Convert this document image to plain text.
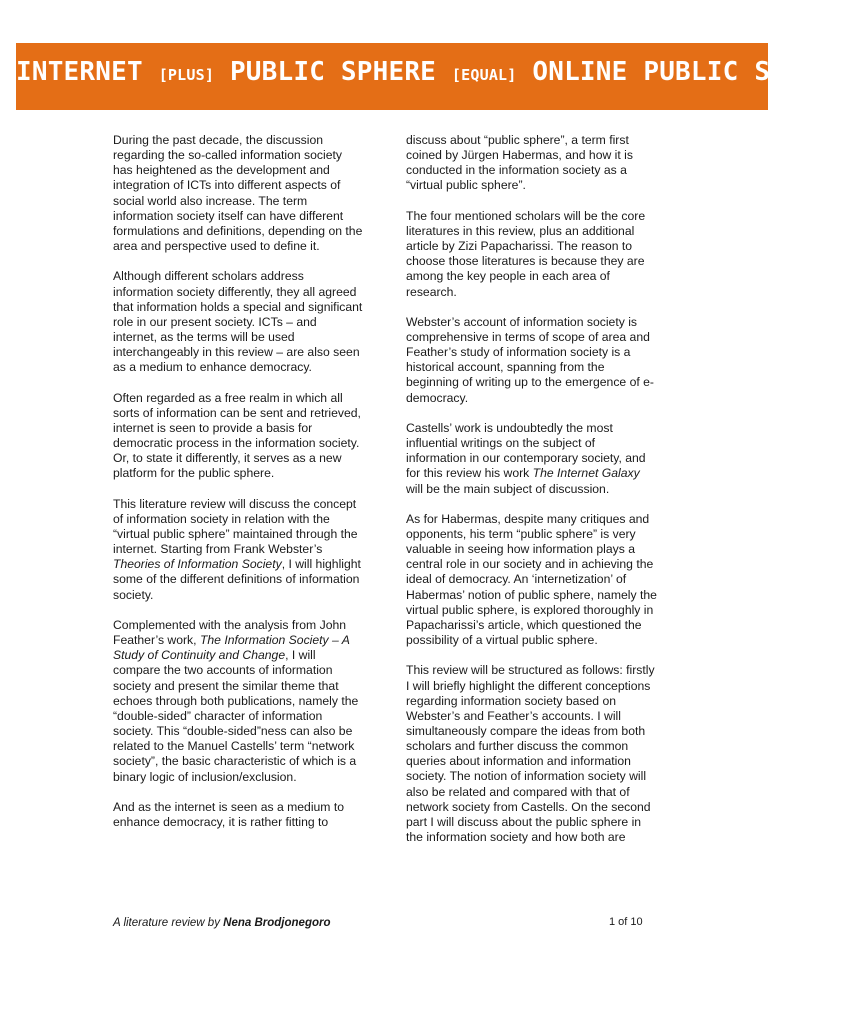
INTERNET [PLUS] PUBLIC SPHERE [EQUAL] ONLINE PUBLIC SPHERE?

During the past decade, the discussion regarding the so-called information society has heightened as the development and integration of ICTs into different aspects of social world also increase. The term information society itself can have different formulations and definitions, depending on the area and perspective used to define it.

Although different scholars address information society differently, they all agreed that information holds a special and significant role in our present society. ICTs – and internet, as the terms will be used interchangeably in this review – are also seen as a medium to enhance democracy.

Often regarded as a free realm in which all sorts of information can be sent and retrieved, internet is seen to provide a basis for democratic process in the information society. Or, to state it differently, it serves as a new platform for the public sphere.

This literature review will discuss the concept of information society in relation with the “virtual public sphere” maintained through the internet. Starting from Frank Webster’s Theories of Information Society, I will highlight some of the different definitions of information society.

Complemented with the analysis from John Feather’s work, The Information Society – A Study of Continuity and Change, I will compare the two accounts of information society and present the similar theme that echoes through both publications, namely the “double-sided” character of information society. This “double-sided”ness can also be related to the Manuel Castells’ term “network society”, the basic characteristic of which is a binary logic of inclusion/exclusion.

And as the internet is seen as a medium to enhance democracy, it is rather fitting to

discuss about “public sphere”, a term first coined by Jürgen Habermas, and how it is conducted in the information society as a “virtual public sphere”.

The four mentioned scholars will be the core literatures in this review, plus an additional article by Zizi Papacharissi. The reason to choose those literatures is because they are among the key people in each area of research.

Webster’s account of information society is comprehensive in terms of scope of area and Feather’s study of information society is a historical account, spanning from the beginning of writing up to the emergence of e-democracy.

Castells’ work is undoubtedly the most influential writings on the subject of information in our contemporary society, and for this review his work The Internet Galaxy will be the main subject of discussion.

As for Habermas, despite many critiques and opponents, his term “public sphere” is very valuable in seeing how information plays a central role in our society and in achieving the ideal of democracy. An ‘internetization’ of Habermas’ notion of public sphere, namely the virtual public sphere, is explored thoroughly in Papacharissi’s article, which questioned the possibility of a virtual public sphere.

This review will be structured as follows: firstly I will briefly highlight the different conceptions regarding information society based on Webster’s and Feather’s accounts. I will simultaneously compare the ideas from both scholars and further discuss the common queries about information and information society. The notion of information society will also be related and compared with that of network society from Castells. On the second part I will discuss about the public sphere in the information society and how both are

A literature review by Nena Brodjonegoro	1 of 10
